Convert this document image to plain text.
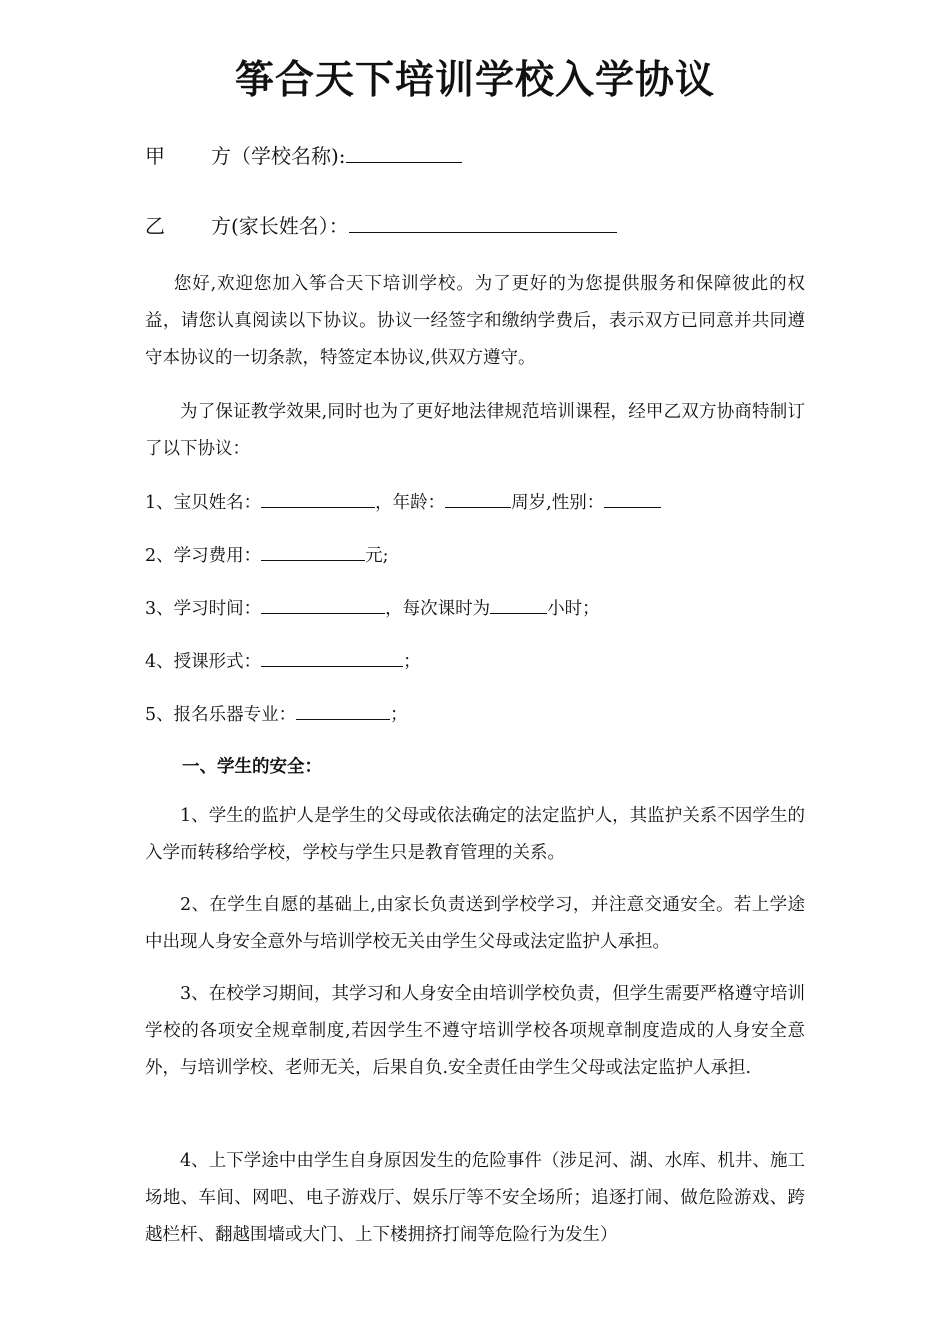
筝合天下培训学校入学协议
甲 方（学校名称):
乙 方(家长姓名）：
您好,欢迎您加入筝合天下培训学校。为了更好的为您提供服务和保障彼此的权益，请您认真阅读以下协议。协议一经签字和缴纳学费后，表示双方已同意并共同遵守本协议的一切条款，特签定本协议,供双方遵守。
为了保证教学效果,同时也为了更好地法律规范培训课程，经甲乙双方协商特制订了以下协议：
1、宝贝姓名：	，年龄：	周岁,性别：
2、学习费用：	元;
3、学习时间：	，每次课时为	小时；
4、授课形式：	；
5、报名乐器专业：	；
一、学生的安全：
1、学生的监护人是学生的父母或依法确定的法定监护人，其监护关系不因学生的入学而转移给学校，学校与学生只是教育管理的关系。
2、在学生自愿的基础上,由家长负责送到学校学习，并注意交通安全。若上学途中出现人身安全意外与培训学校无关由学生父母或法定监护人承担。
3、在校学习期间，其学习和人身安全由培训学校负责，但学生需要严格遵守培训学校的各项安全规章制度,若因学生不遵守培训学校各项规章制度造成的人身安全意外，与培训学校、老师无关，后果自负.安全责任由学生父母或法定监护人承担.
4、上下学途中由学生自身原因发生的危险事件（涉足河、湖、水库、机井、施工场地、车间、网吧、电子游戏厅、娱乐厅等不安全场所；追逐打闹、做危险游戏、跨越栏杆、翻越围墙或大门、上下楼拥挤打闹等危险行为发生）
